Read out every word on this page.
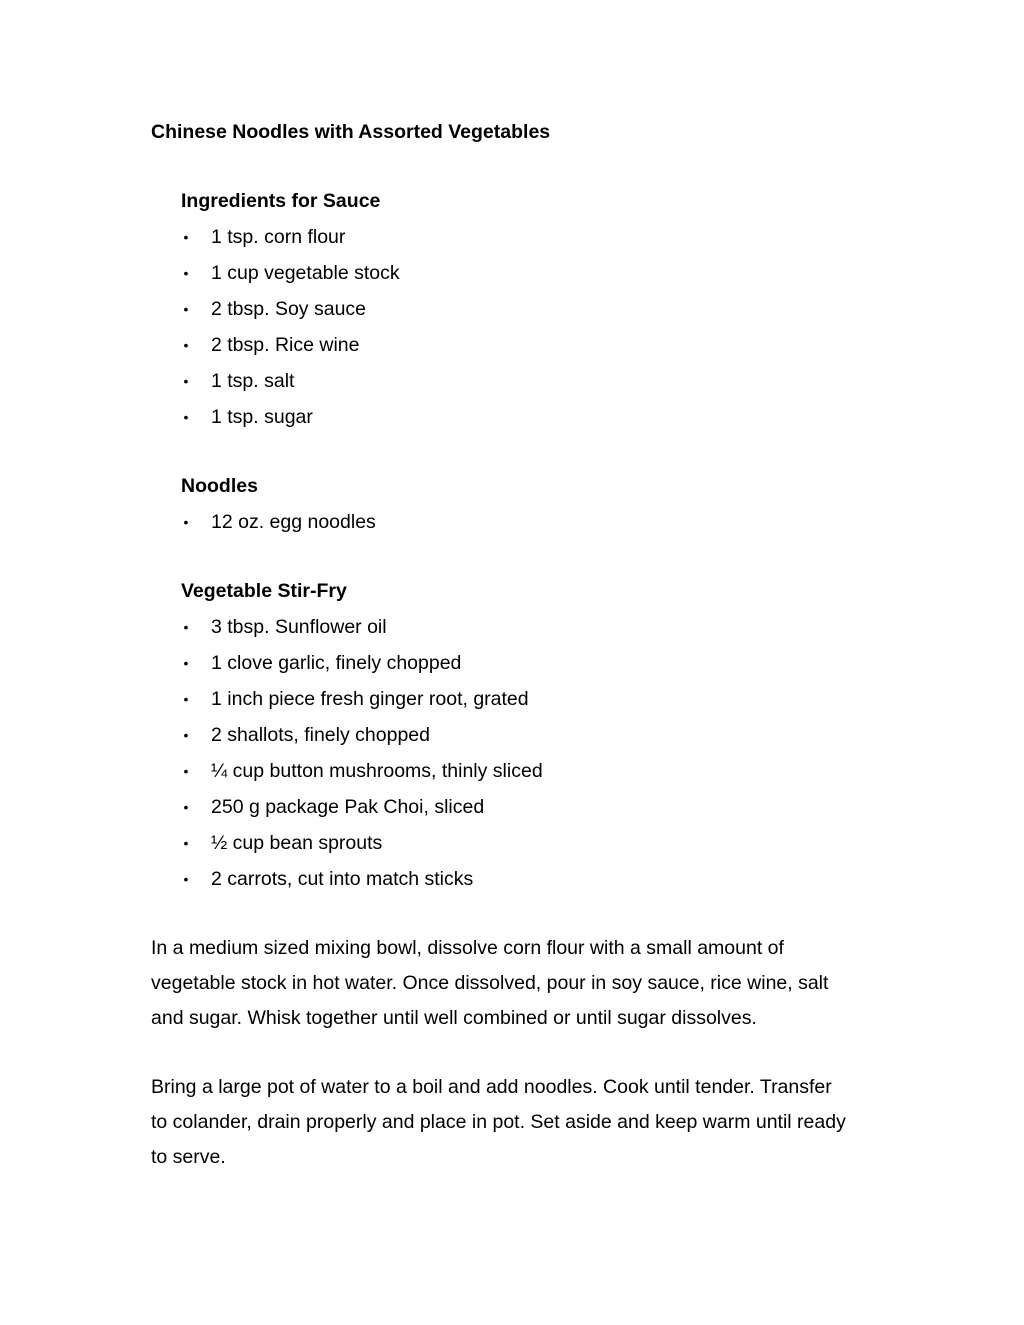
Chinese Noodles with Assorted Vegetables
Ingredients for Sauce
• 1 tsp. corn flour
• 1 cup vegetable stock
• 2 tbsp. Soy sauce
• 2 tbsp. Rice wine
• 1 tsp. salt
• 1 tsp. sugar
Noodles
• 12 oz. egg noodles
Vegetable Stir-Fry
• 3 tbsp. Sunflower oil
• 1 clove garlic, finely chopped
• 1 inch piece fresh ginger root, grated
• 2 shallots, finely chopped
• ¼ cup button mushrooms, thinly sliced
• 250 g package Pak Choi, sliced
• ½ cup bean sprouts
• 2 carrots, cut into match sticks

In a medium sized mixing bowl, dissolve corn flour with a small amount of
vegetable stock in hot water. Once dissolved, pour in soy sauce, rice wine, salt
and sugar. Whisk together until well combined or until sugar dissolves.

Bring a large pot of water to a boil and add noodles. Cook until tender. Transfer
to colander, drain properly and place in pot. Set aside and keep warm until ready
to serve.
